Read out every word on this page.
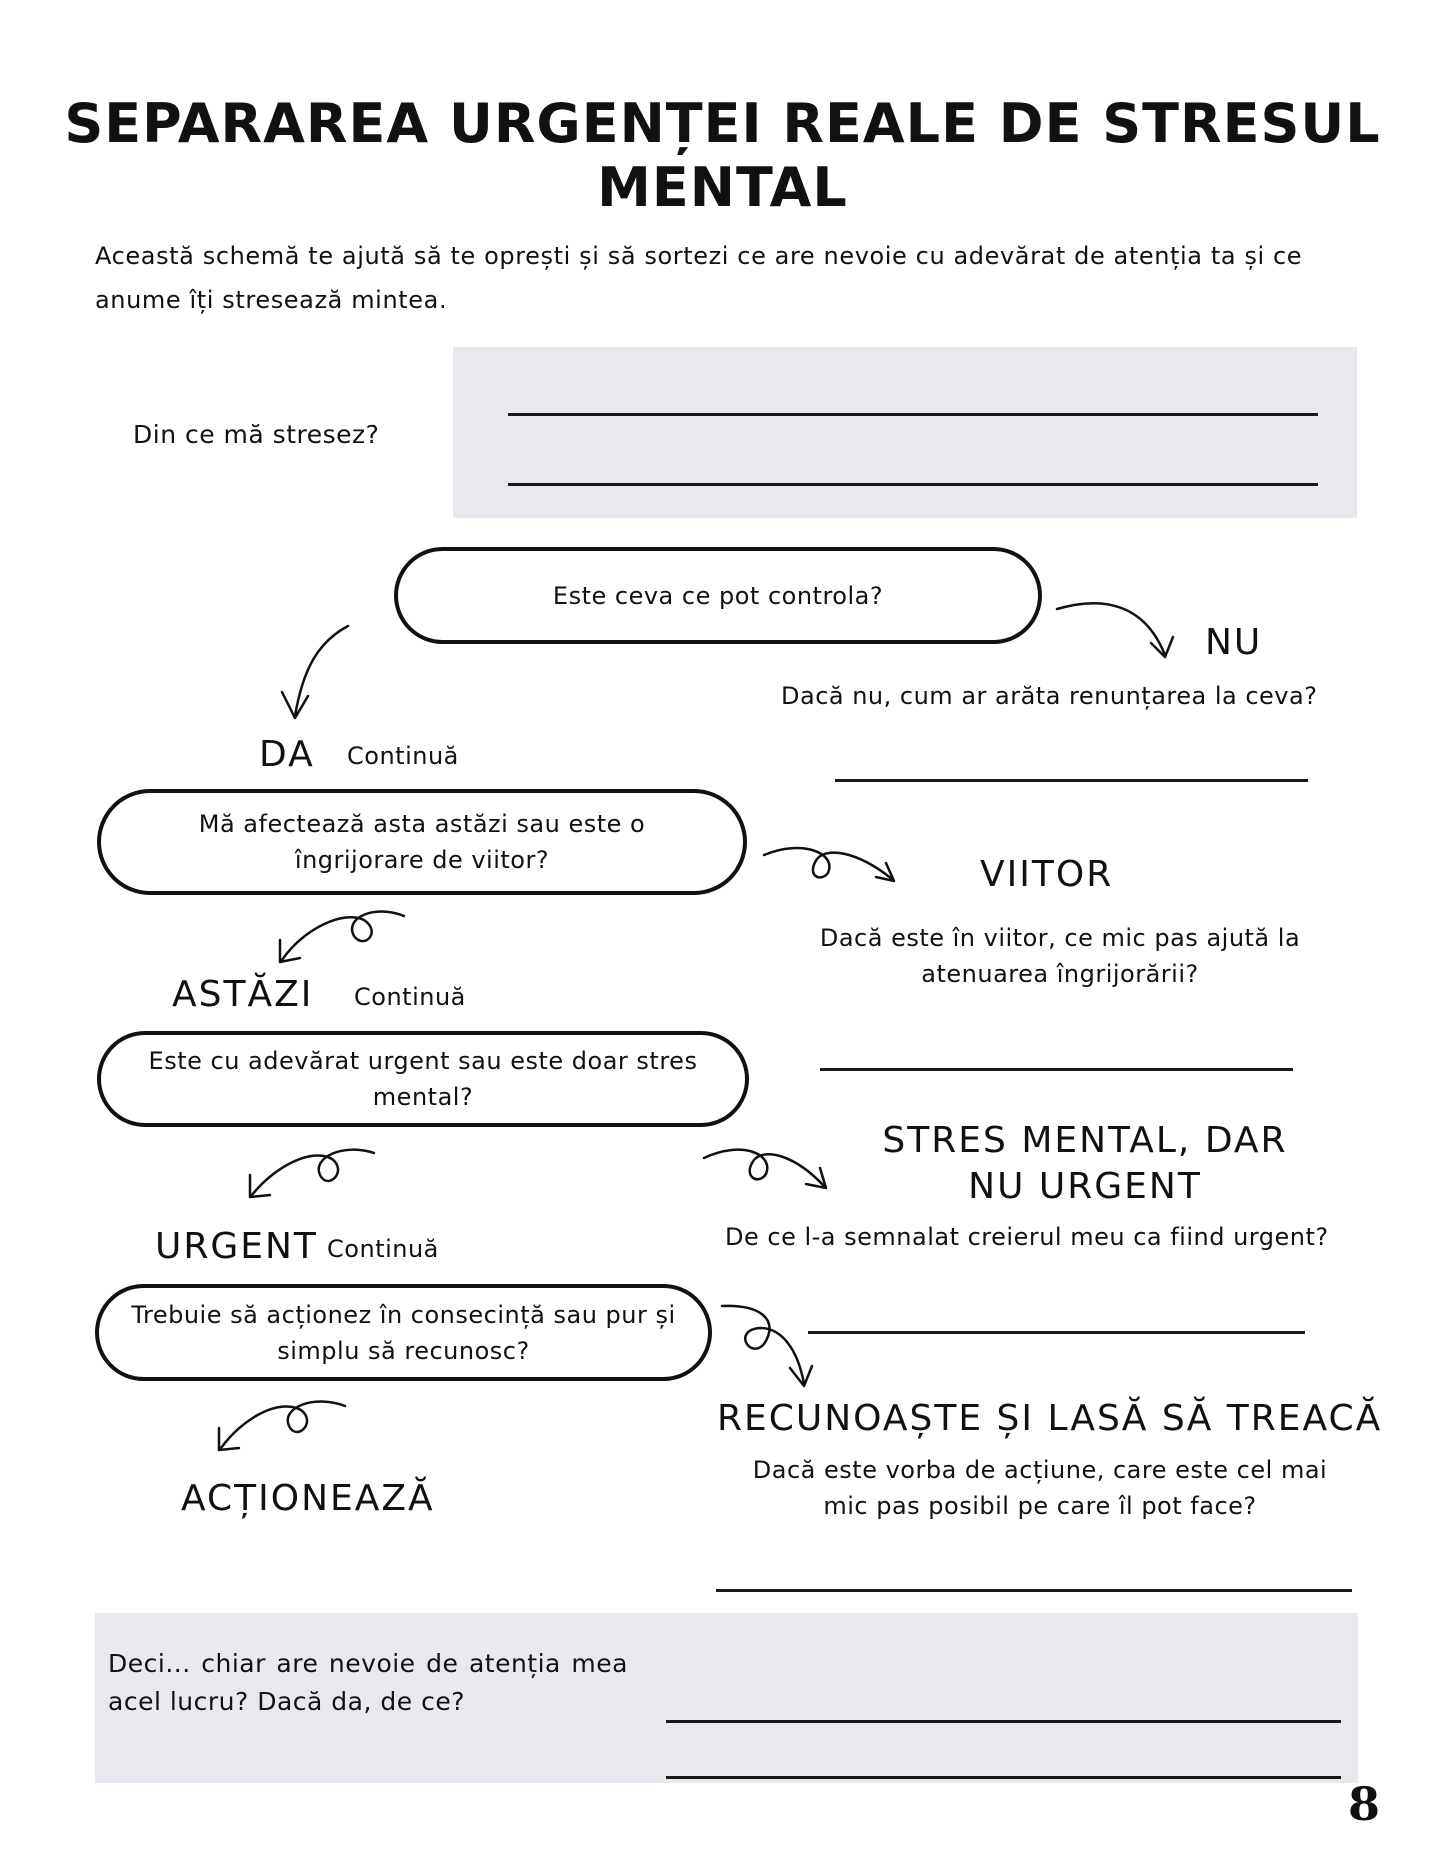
SEPARAREA URGENȚEI REALE DE STRESUL MENTAL
Această schemă te ajută să te oprești și să sortezi ce are nevoie cu adevărat de atenția ta și ce anume îți stresează mintea.
Din ce mă stresez?
Este ceva ce pot controla?
NU
Dacă nu, cum ar arăta renunțarea la ceva?
DA Continuă
Mă afectează asta astăzi sau este o îngrijorare de viitor?	VIITOR
Dacă este în viitor, ce mic pas ajută la atenuarea îngrijorării?
ASTĂZI Continuă
Este cu adevărat urgent sau este doar stres mental?
STRES MENTAL, DAR NU URGENT
De ce l-a semnalat creierul meu ca fiind urgent?
URGENT Continuă
Trebuie să acționez în consecință sau pur și simplu să recunosc?
RECUNOAȘTE ȘI LASĂ SĂ TREACĂ
Dacă este vorba de acțiune, care este cel mai mic pas posibil pe care îl pot face?
ACȚIONEAZĂ
Deci... chiar are nevoie de atenția mea acel lucru? Dacă da, de ce?
8
